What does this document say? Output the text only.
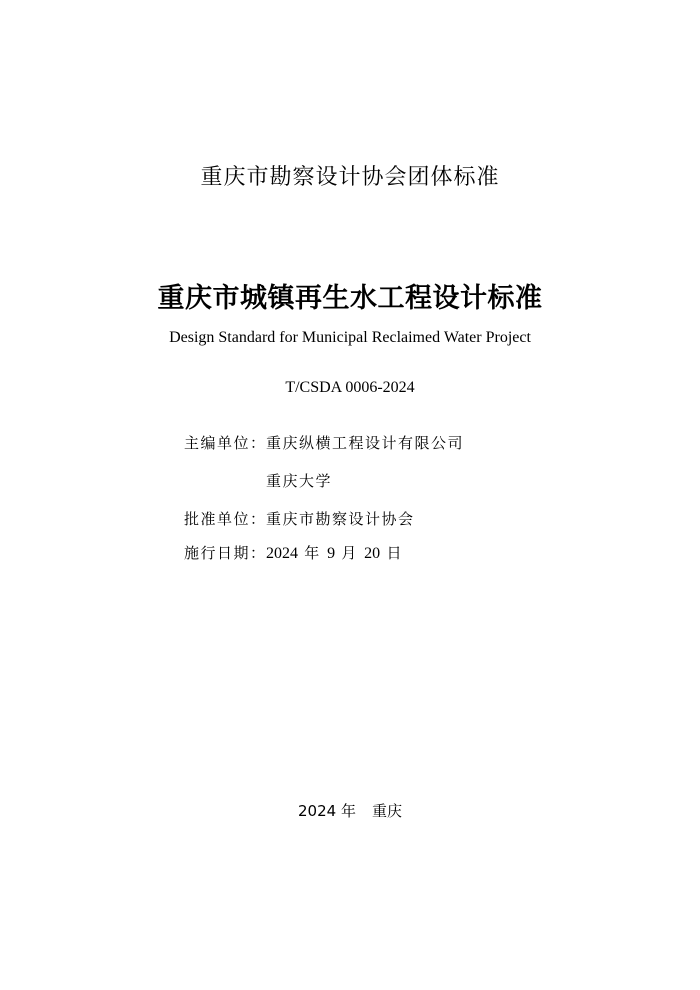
重庆市勘察设计协会团体标准
重庆市城镇再生水工程设计标准
Design Standard for Municipal Reclaimed Water Project
T/CSDA 0006-2024
主编单位： 重庆纵横工程设计有限公司
重庆大学
批准单位： 重庆市勘察设计协会
施行日期： 2024 年 9 月 20 日
2024 年 重庆
